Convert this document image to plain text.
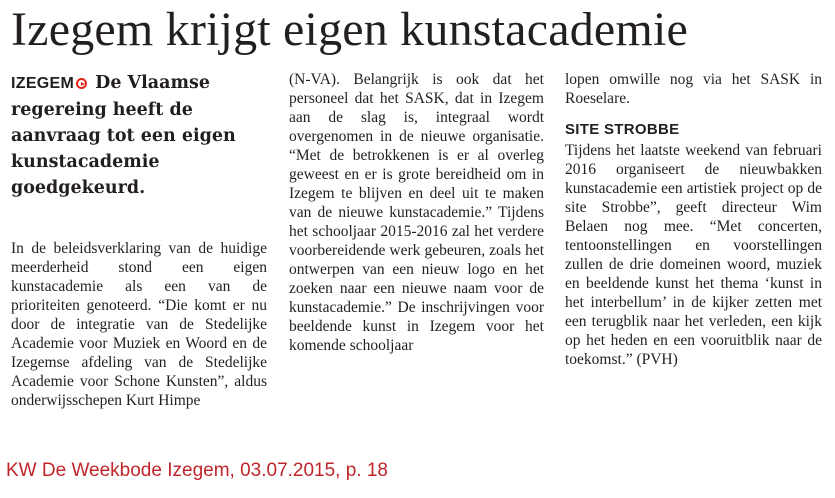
Izegem krijgt eigen kunstacademie

IZEGEM De Vlaamse regereing heeft de aanvraag tot een eigen kunstacademie goedgekeurd.

In de beleidsverklaring van de huidige meerderheid stond een eigen kunstacademie als een van de prioriteiten genoteerd. “Die komt er nu door de integratie van de Stedelijke Academie voor Muziek en Woord en de Izegemse afdeling van de Stedelijke Academie voor Schone Kunsten”, aldus onderwijsschepen Kurt Himpe

(N-VA). Belangrijk is ook dat het personeel dat het SASK, dat in Izegem aan de slag is, integraal wordt overgenomen in de nieuwe organisatie. “Met de betrokkenen is er al overleg geweest en er is grote bereidheid om in Izegem te blijven en deel uit te maken van de nieuwe kunstacademie.” Tijdens het schooljaar 2015-2016 zal het verdere voorbereidende werk gebeuren, zoals het ontwerpen van een nieuw logo en het zoeken naar een nieuwe naam voor de kunstacademie.” De inschrijvingen voor beeldende kunst in Izegem voor het komende schooljaar

lopen omwille nog via het SASK in Roeselare.

SITE STROBBE

Tijdens het laatste weekend van februari 2016 organiseert de nieuwbakken kunstacademie een artistiek project op de site Strobbe”, geeft directeur Wim Belaen nog mee. “Met concerten, tentoonstellingen en voorstellingen zullen de drie domeinen woord, muziek en beeldende kunst het thema ‘kunst in het interbellum’ in de kijker zetten met een terugblik naar het verleden, een kijk op het heden en een vooruitblik naar de toekomst.” (PVH)

KW De Weekbode Izegem, 03.07.2015, p. 18
